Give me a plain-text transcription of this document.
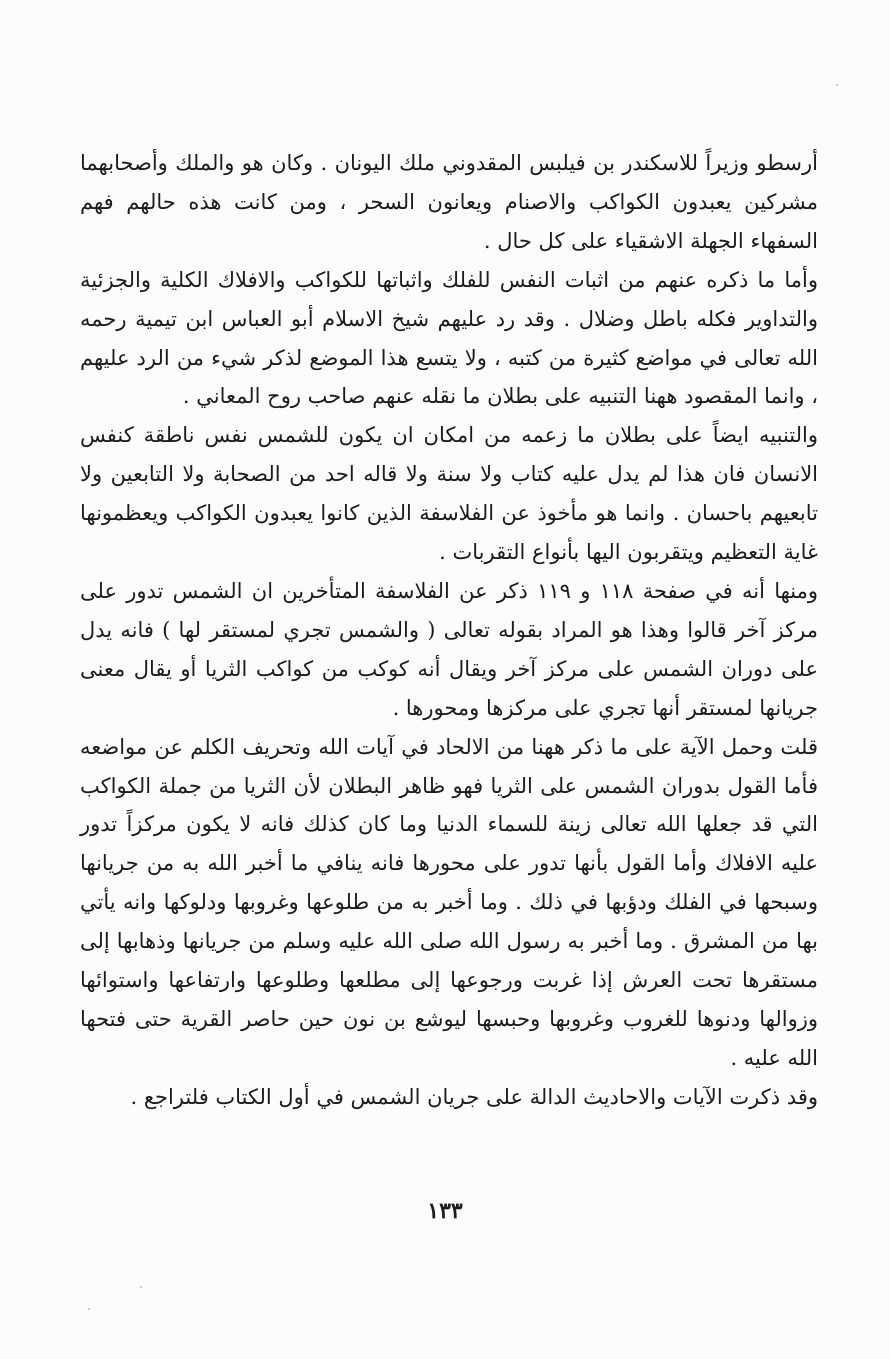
أرسطو وزيراً للاسكندر بن فيلبس المقدوني ملك اليونان . وكان هو والملك وأصحابهما مشركين يعبدون الكواكب والاصنام ويعانون السحر ، ومن كانت هذه حالهم فهم السفهاء الجهلة الاشقياء على كل حال .

وأما ما ذكره عنهم من اثبات النفس للفلك واثباتها للكواكب والافلاك الكلية والجزئية والتداوير فكله باطل وضلال . وقد رد عليهم شيخ الاسلام أبو العباس ابن تيمية رحمه الله تعالى في مواضع كثيرة من كتبه ، ولا يتسع هذا الموضع لذكر شيء من الرد عليهم ، وانما المقصود ههنا التنبيه على بطلان ما نقله عنهم صاحب روح المعاني .

والتنبيه ايضاً على بطلان ما زعمه من امكان ان يكون للشمس نفس ناطقة كنفس الانسان فان هذا لم يدل عليه كتاب ولا سنة ولا قاله احد من الصحابة ولا التابعين ولا تابعيهم باحسان . وانما هو مأخوذ عن الفلاسفة الذين كانوا يعبدون الكواكب ويعظمونها غاية التعظيم ويتقربون اليها بأنواع التقربات .

ومنها أنه في صفحة ١١٨ و ١١٩ ذكر عن الفلاسفة المتأخرين ان الشمس تدور على مركز آخر قالوا وهذا هو المراد بقوله تعالى ( والشمس تجري لمستقر لها ) فانه يدل على دوران الشمس على مركز آخر ويقال أنه كوكب من كواكب الثريا أو يقال معنى جريانها لمستقر أنها تجري على مركزها ومحورها .

قلت وحمل الآية على ما ذكر ههنا من الالحاد في آيات الله وتحريف الكلم عن مواضعه فأما القول بدوران الشمس على الثريا فهو ظاهر البطلان لأن الثريا من جملة الكواكب التي قد جعلها الله تعالى زينة للسماء الدنيا وما كان كذلك فانه لا يكون مركزاً تدور عليه الافلاك وأما القول بأنها تدور على محورها فانه ينافي ما أخبر الله به من جريانها وسبحها في الفلك ودؤبها في ذلك . وما أخبر به من طلوعها وغروبها ودلوكها وانه يأتي بها من المشرق . وما أخبر به رسول الله صلى الله عليه وسلم من جريانها وذهابها إلى مستقرها تحت العرش إذا غربت ورجوعها إلى مطلعها وطلوعها وارتفاعها واستوائها وزوالها ودنوها للغروب وغروبها وحبسها ليوشع بن نون حين حاصر القرية حتى فتحها الله عليه .

وقد ذكرت الآيات والاحاديث الدالة على جريان الشمس في أول الكتاب فلتراجع .

١٣٣
